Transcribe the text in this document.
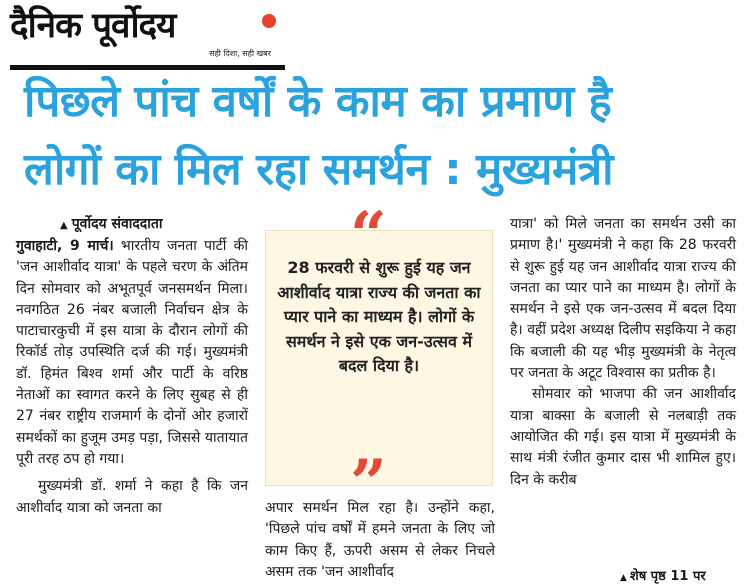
दैनिक पूर्वोदय
सही दिशा, सही खबर
पिछले पांच वर्षों के काम का प्रमाण है
लोगों का मिल रहा समर्थन : मुख्यमंत्री
▲ पूर्वोदय संवाददाता

गुवाहाटी, 9 मार्च। भारतीय जनता पार्टी की 'जन आशीर्वाद यात्रा' के पहले चरण के अंतिम दिन सोमवार को अभूतपूर्व जनसमर्थन मिला। नवगठित 26 नंबर बजाली निर्वाचन क्षेत्र के पाटाचारकुची में इस यात्रा के दौरान लोगों की रिकॉर्ड तोड़ उपस्थिति दर्ज की गई। मुख्यमंत्री डॉ. हिमंत बिश्व शर्मा और पार्टी के वरिष्ठ नेताओं का स्वागत करने के लिए सुबह से ही 27 नंबर राष्ट्रीय राजमार्ग के दोनों ओर हजारों समर्थकों का हुजूम उमड़ पड़ा, जिससे यातायात पूरी तरह ठप हो गया।

मुख्यमंत्री डॉ. शर्मा ने कहा है कि जन आशीर्वाद यात्रा को जनता का

“
28 फरवरी से शुरू हुई यह जन आशीर्वाद यात्रा राज्य की जनता का प्यार पाने का माध्यम है। लोगों के समर्थन ने इसे एक जन-उत्सव में बदल दिया है।
”

अपार समर्थन मिल रहा है। उन्होंने कहा, 'पिछले पांच वर्षों में हमने जनता के लिए जो काम किए हैं, ऊपरी असम से लेकर निचले असम तक 'जन आशीर्वाद

यात्रा' को मिले जनता का समर्थन उसी का प्रमाण है।' मुख्यमंत्री ने कहा कि 28 फरवरी से शुरू हुई यह जन आशीर्वाद यात्रा राज्य की जनता का प्यार पाने का माध्यम है। लोगों के समर्थन ने इसे एक जन-उत्सव में बदल दिया है। वहीं प्रदेश अध्यक्ष दिलीप सइकिया ने कहा कि बजाली की यह भीड़ मुख्यमंत्री के नेतृत्व पर जनता के अटूट विश्वास का प्रतीक है।

सोमवार को भाजपा की जन आशीर्वाद यात्रा बाक्सा के बजाली से नलबाड़ी तक आयोजित की गई। इस यात्रा में मुख्यमंत्री के साथ मंत्री रंजीत कुमार दास भी शामिल हुए। दिन के करीब

▲ शेष पृष्ठ 11 पर
